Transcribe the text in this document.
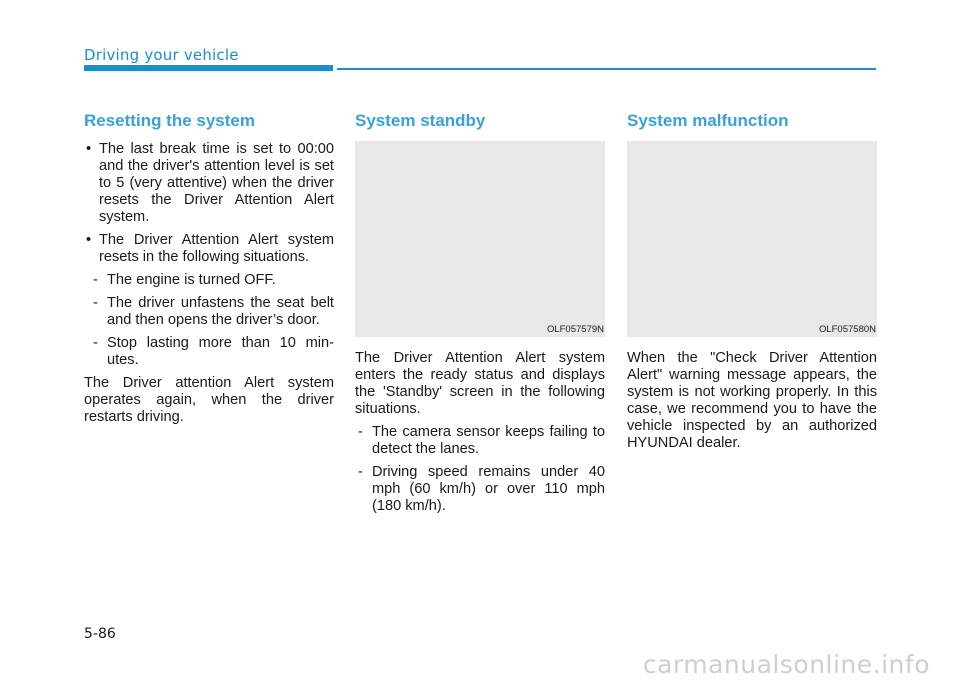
Driving your vehicle
Resetting the system
• The last break time is set to 00:00 and the driver's attention level is set to 5 (very attentive) when the driver resets the Driver Attention Alert system.
• The Driver Attention Alert system resets in the following situations.
- The engine is turned OFF.
- The driver unfastens the seat belt and then opens the driver’s door.
- Stop lasting more than 10 min-utes.

The Driver attention Alert system operates again, when the driver restarts driving.

System standby
OLF057579N

The Driver Attention Alert system enters the ready status and displays the 'Standby' screen in the following situations.

- The camera sensor keeps failing to detect the lanes.
- Driving speed remains under 40 mph (60 km/h) or over 110 mph (180 km/h).
System malfunction
OLF057580N

When the "Check Driver Attention Alert" warning message appears, the system is not working properly. In this case, we recommend you to have the vehicle inspected by an authorized HYUNDAI dealer.

5-86
carmanualsonline.info
